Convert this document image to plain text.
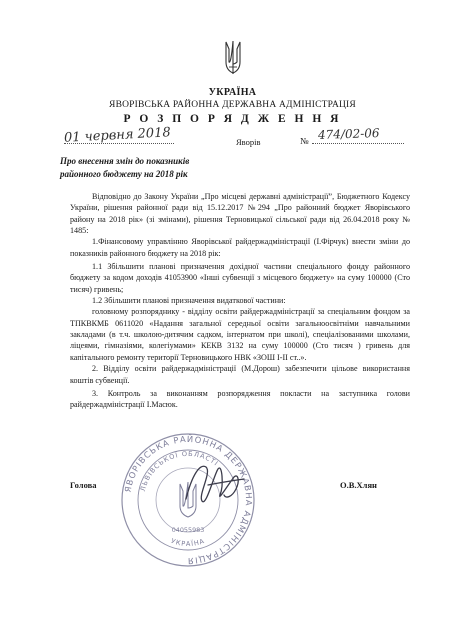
УКРАЇНА
ЯВОРІВСЬКА РАЙОННА ДЕРЖАВНА АДМІНІСТРАЦІЯ
Р О З П О Р Я Д Ж Е Н Н Я
01 червня 2018	Яворів	№ 474/02-06
Про внесення змін до показників
районного бюджету на 2018 рік

Відповідно до Закону України „Про місцеві державні адміністрації”, Бюджетного Кодексу України, рішення районної ради від 15.12.2017 №294 „Про районний бюджет Яворівського району на 2018 рік» (зі змінами), рішення Терновицької сільської ради від 26.04.2018 року № 1485:

1.Фінансовому управлінню Яворівської райдержадміністрації (І.Фірчук) внести зміни до показників районного бюджету на 2018 рік:

1.1 Збільшити планові призначення дохідної частини спеціального фонду районного бюджету за кодом доходів 41053900 «Інші субвенції з місцевого бюджету» на суму 100000 (Сто тисяч) гривень;

1.2 Збільшити планові призначення видаткової частини:

головному розпоряднику - відділу освіти райдержадміністрації за спеціальним фондом за ТПКВКМБ 0611020 «Надання загальної середньої освіти загальноосвітніми навчальними закладами (в т.ч. школою-дитячим садком, інтернатом при школі), спеціалізованими школами, ліцеями, гімназіями, колегіумами» КЕКВ 3132 на суму 100000 (Сто тисяч ) гривень для капітального ремонту території Терновицького НВК «ЗОШ І-ІІ ст..».

2. Відділу освіти райдержадміністрації (М.Дорош) забезпечити цільове використання коштів субвенції.

3. Контроль за виконанням розпорядження покласти на заступника голови райдержадміністрації І.Масюк.

ЯВОРІВСЬКА РАЙОННА ДЕРЖАВНА АДМІНІСТРАЦІЯ
ЛЬВІВСЬКОЇ ОБЛАСТІ
УКРАЇНА
04055983
Голова	О.В.Хлян
